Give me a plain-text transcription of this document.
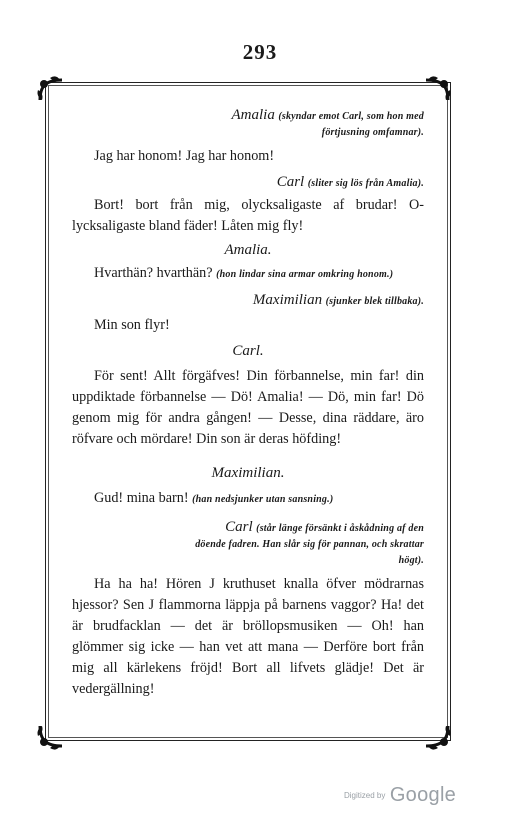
293
Amalia (skyndar emot Carl, som hon med förtjusning omfamnar).

Jag har honom! Jag har honom!

Carl (sliter sig lös från Amalia).

Bort! bort från mig, olycksaligaste af brudar! O-lycksaligaste bland fäder! Låten mig fly!

Amalia.

Hvarthän? hvarthän? (hon lindar sina armar omkring honom.)

Maximilian (sjunker blek tillbaka).

Min son flyr!

Carl.

För sent! Allt förgäfves! Din förbannelse, min far! din uppdiktade förbannelse — Dö! Amalia! — Dö, min far! Dö genom mig för andra gången! — Desse, dina räddare, äro röfvare och mördare! Din son är deras höfding!

Maximilian.

Gud! mina barn! (han nedsjunker utan sansning.)

Carl (står länge försänkt i åskådning af den döende fadren. Han slår sig för pannan, och skrattar högt).

Ha ha ha! Hören J kruthuset knalla öfver mödrarnas hjessor? Sen J flammorna läppja på barnens vaggor? Ha! det är brudfacklan — det är bröllopsmusiken — Oh! han glömmer sig icke — han vet att mana — Derföre bort från mig all kärlekens fröjd! Bort all lifvets glädje! Det är vedergällning!

Digitized by Google
